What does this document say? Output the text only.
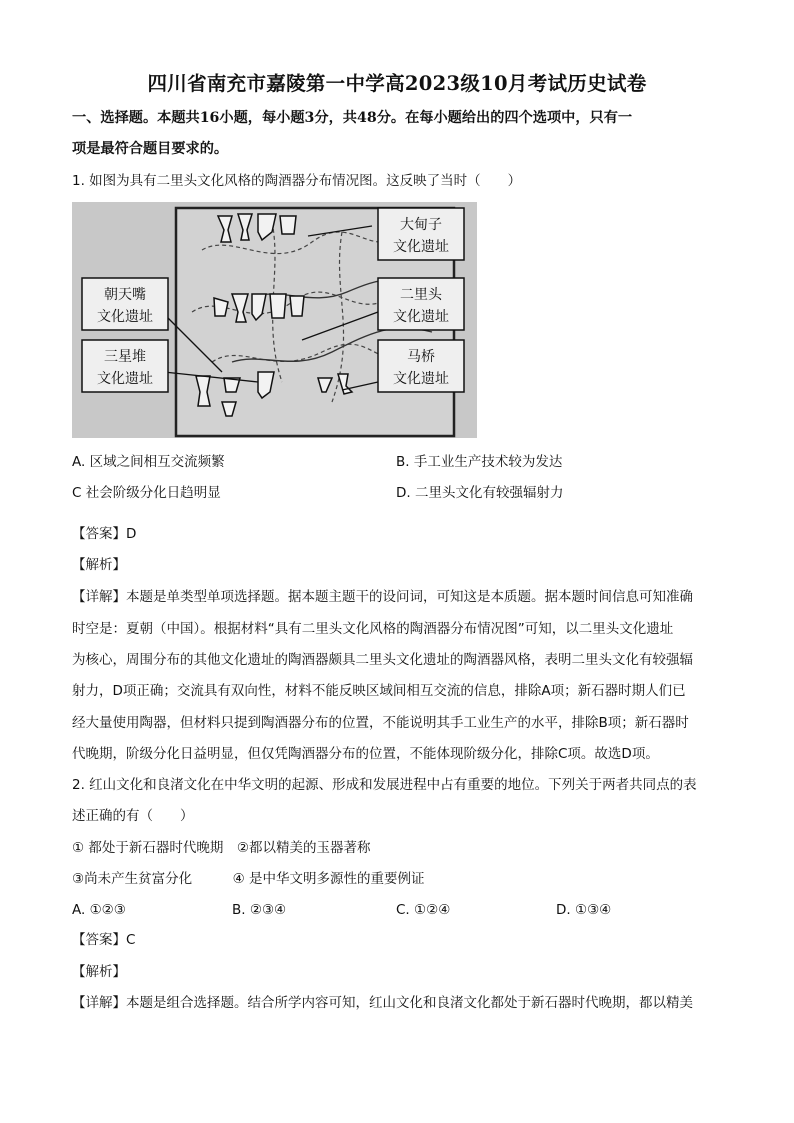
四川省南充市嘉陵第一中学高2023级10月考试历史试卷
一、选择题。本题共16小题，每小题3分，共48分。在每小题给出的四个选项中，只有一
项是最符合题目要求的。
1. 如图为具有二里头文化风格的陶酒器分布情况图。这反映了当时（　　）
大甸子
文化遗址
朝天嘴
文化遗址
二里头
文化遗址
三星堆
文化遗址
马桥
文化遗址
A. 区域之间相互交流频繁	B. 手工业生产技术较为发达
C 社会阶级分化日趋明显	D. 二里头文化有较强辐射力
【答案】D
【解析】
【详解】本题是单类型单项选择题。据本题主题干的设问词，可知这是本质题。据本题时间信息可知准确
时空是：夏朝（中国）。根据材料“具有二里头文化风格的陶酒器分布情况图”可知，以二里头文化遗址
为核心，周围分布的其他文化遗址的陶酒器颇具二里头文化遗址的陶酒器风格，表明二里头文化有较强辐
射力，D项正确；交流具有双向性，材料不能反映区域间相互交流的信息，排除A项；新石器时期人们已
经大量使用陶器，但材料只提到陶酒器分布的位置，不能说明其手工业生产的水平，排除B项；新石器时
代晚期，阶级分化日益明显，但仅凭陶酒器分布的位置，不能体现阶级分化，排除C项。故选D项。
2. 红山文化和良渚文化在中华文明的起源、形成和发展进程中占有重要的地位。下列关于两者共同点的表
述正确的有（　　）
① 都处于新石器时代晚期　②都以精美的玉器著称
③尚未产生贫富分化　　　④ 是中华文明多源性的重要例证
A. ①②③	B. ②③④	C. ①②④	D. ①③④
【答案】C
【解析】
【详解】本题是组合选择题。结合所学内容可知，红山文化和良渚文化都处于新石器时代晚期，都以精美
